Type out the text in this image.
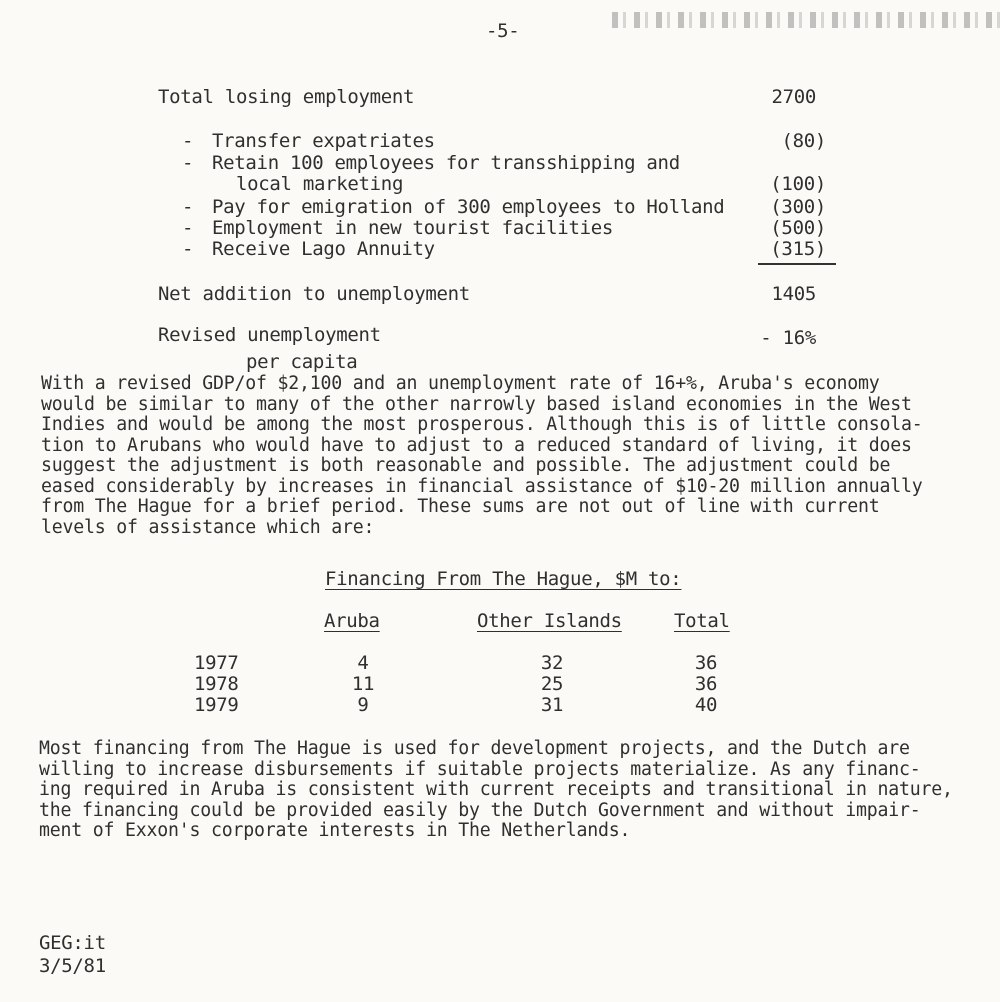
-5-
Total losing employment	2700
- Transfer expatriates	(80)
- Retain 100 employees for transshipping and
local marketing	(100)
- Pay for emigration of 300 employees to Holland	(300)
- Employment in new tourist facilities	(500)
- Receive Lago Annuity	(315)
Net addition to unemployment	1405
Revised unemployment	- 16%
per capita
With a revised GDP/of $2,100 and an unemployment rate of 16+%, Aruba's economy
would be similar to many of the other narrowly based island economies in the West
Indies and would be among the most prosperous. Although this is of little consola-
tion to Arubans who would have to adjust to a reduced standard of living, it does
suggest the adjustment is both reasonable and possible. The adjustment could be
eased considerably by increases in financial assistance of $10-20 million annually
from The Hague for a brief period. These sums are not out of line with current
levels of assistance which are:
Financing From The Hague, $M to:
Aruba	Other Islands	Total
1977	4	32	36
1978	11	25	36
1979	9	31	40
Most financing from The Hague is used for development projects, and the Dutch are
willing to increase disbursements if suitable projects materialize. As any financ-
ing required in Aruba is consistent with current receipts and transitional in nature,
the financing could be provided easily by the Dutch Government and without impair-
ment of Exxon's corporate interests in The Netherlands.
GEG:it
3/5/81
